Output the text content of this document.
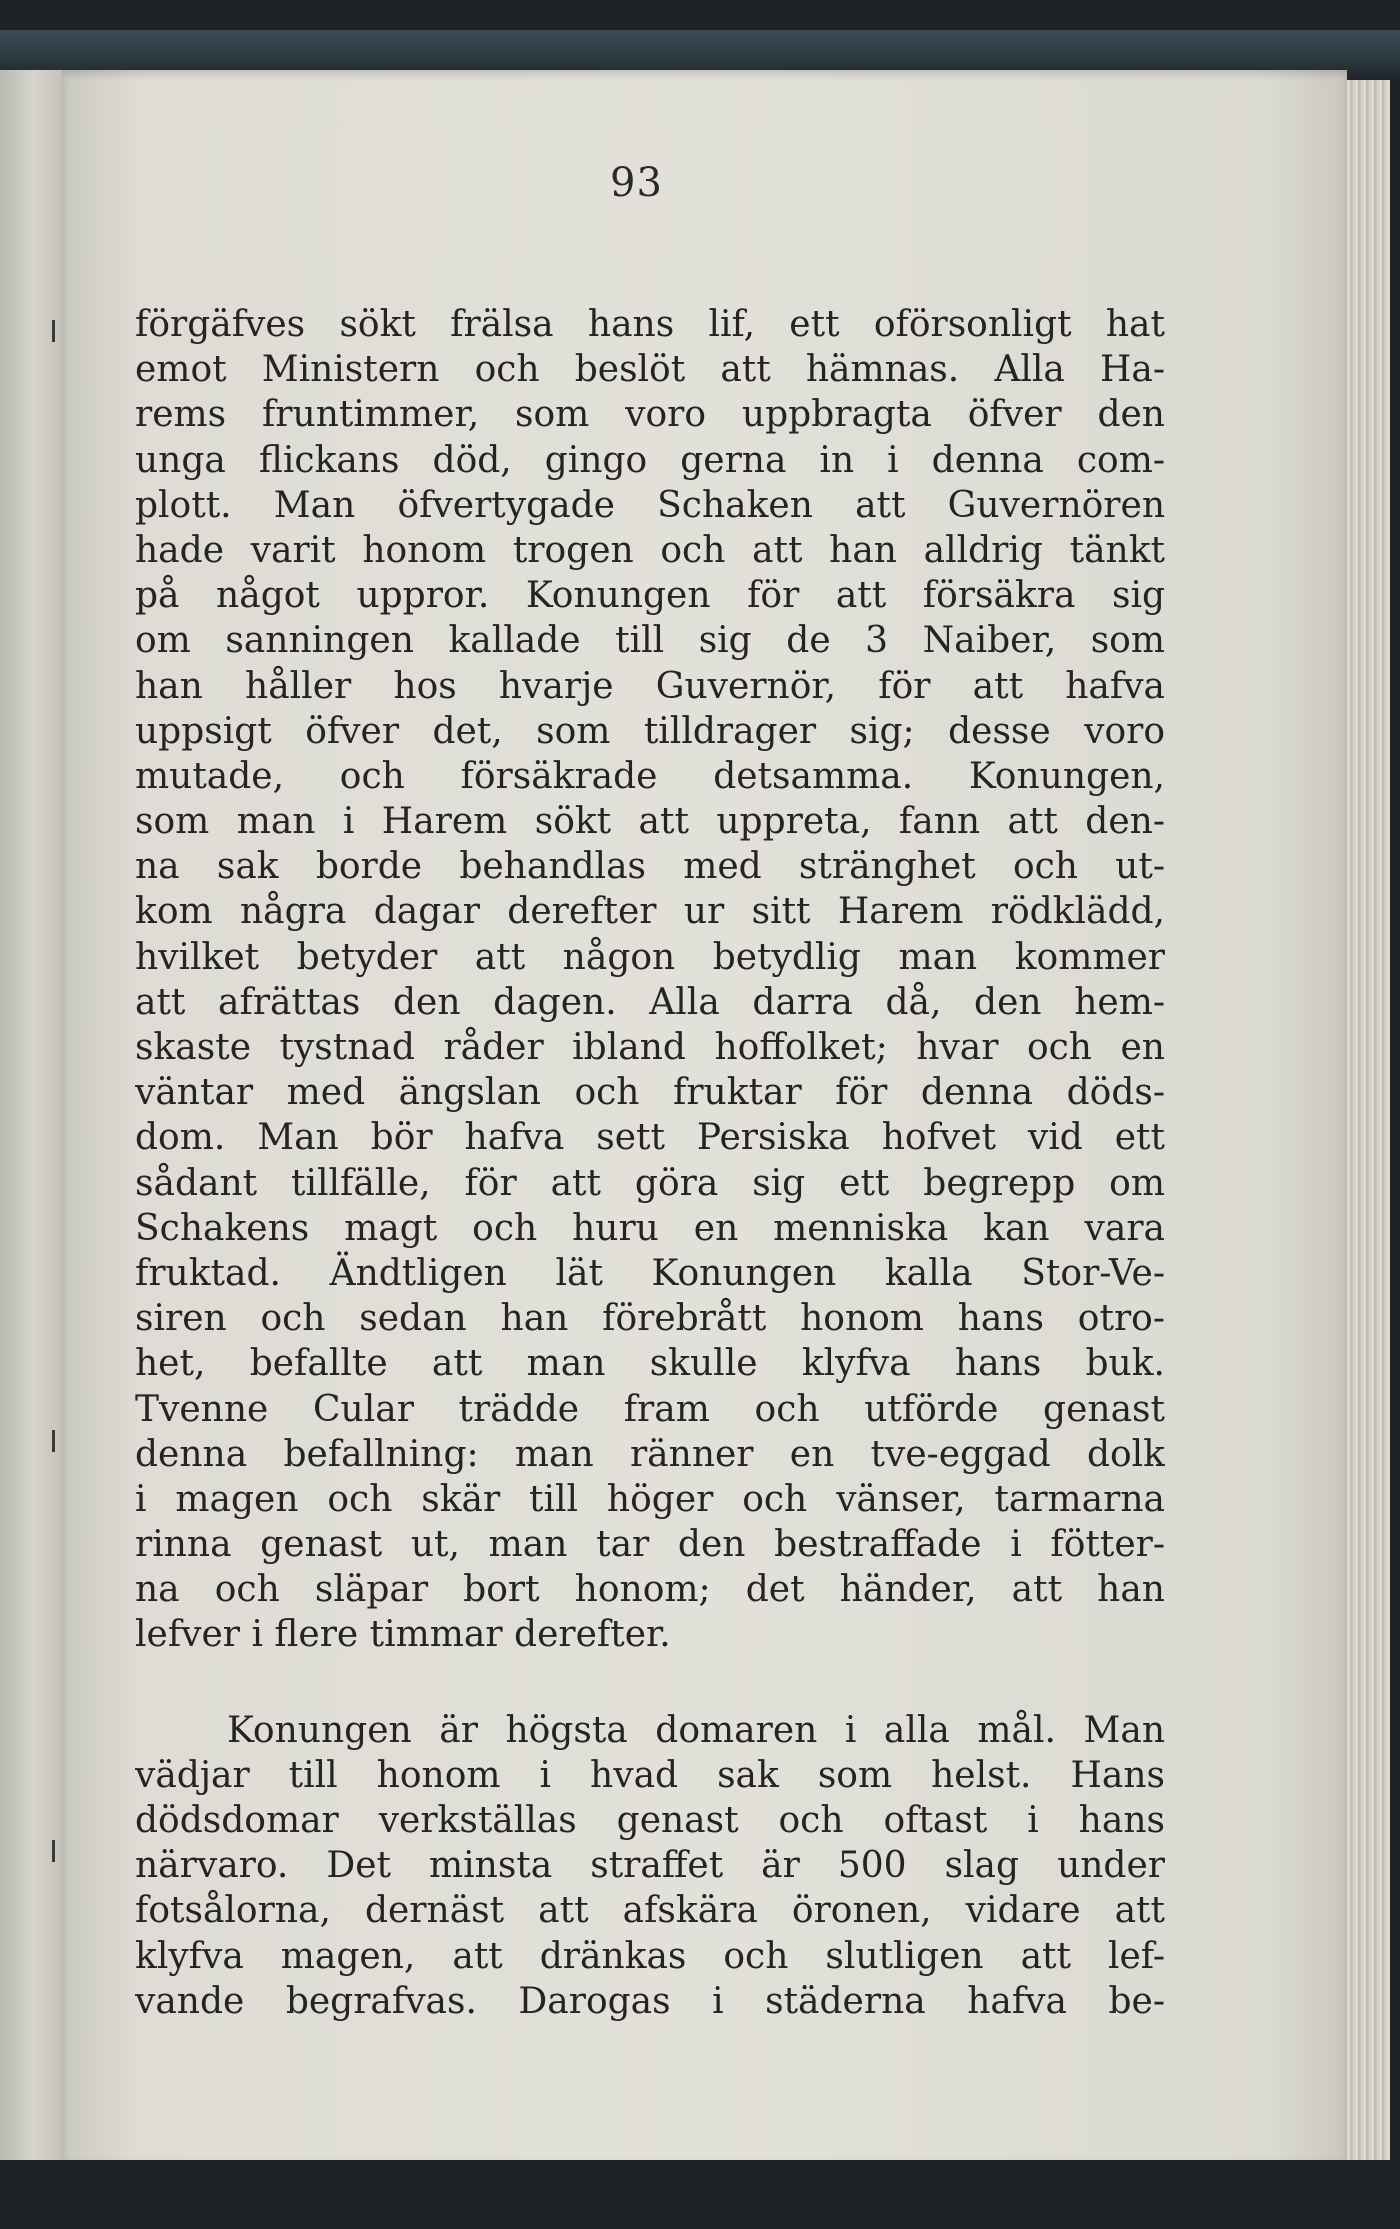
93
förgäfves sökt frälsa hans lif, ett oförsonligt hat
emot Ministern och beslöt att hämnas. Alla Ha-
rems fruntimmer, som voro uppbragta öfver den
unga flickans död, gingo gerna in i denna com-
plott. Man öfvertygade Schaken att Guvernören
hade varit honom trogen och att han alldrig tänkt
på något uppror. Konungen för att försäkra sig
om sanningen kallade till sig de 3 Naiber, som
han håller hos hvarje Guvernör, för att hafva
uppsigt öfver det, som tilldrager sig; desse voro
mutade, och försäkrade detsamma. Konungen,
som man i Harem sökt att uppreta, fann att den-
na sak borde behandlas med stränghet och ut-
kom några dagar derefter ur sitt Harem rödklädd,
hvilket betyder att någon betydlig man kommer
att afrättas den dagen. Alla darra då, den hem-
skaste tystnad råder ibland hoffolket; hvar och en
väntar med ängslan och fruktar för denna döds-
dom. Man bör hafva sett Persiska hofvet vid ett
sådant tillfälle, för att göra sig ett begrepp om
Schakens magt och huru en menniska kan vara
fruktad. Ändtligen lät Konungen kalla Stor-Ve-
siren och sedan han förebrått honom hans otro-
het, befallte att man skulle klyfva hans buk.
Tvenne Cular trädde fram och utförde genast
denna befallning: man ränner en tve-eggad dolk
i magen och skär till höger och vänser, tarmarna
rinna genast ut, man tar den bestraffade i fötter-
na och släpar bort honom; det händer, att han
lefver i flere timmar derefter.
Konungen är högsta domaren i alla mål. Man
vädjar till honom i hvad sak som helst. Hans
dödsdomar verkställas genast och oftast i hans
närvaro. Det minsta straffet är 500 slag under
fotsålorna, dernäst att afskära öronen, vidare att
klyfva magen, att dränkas och slutligen att lef-
vande begrafvas. Darogas i städerna hafva be-
